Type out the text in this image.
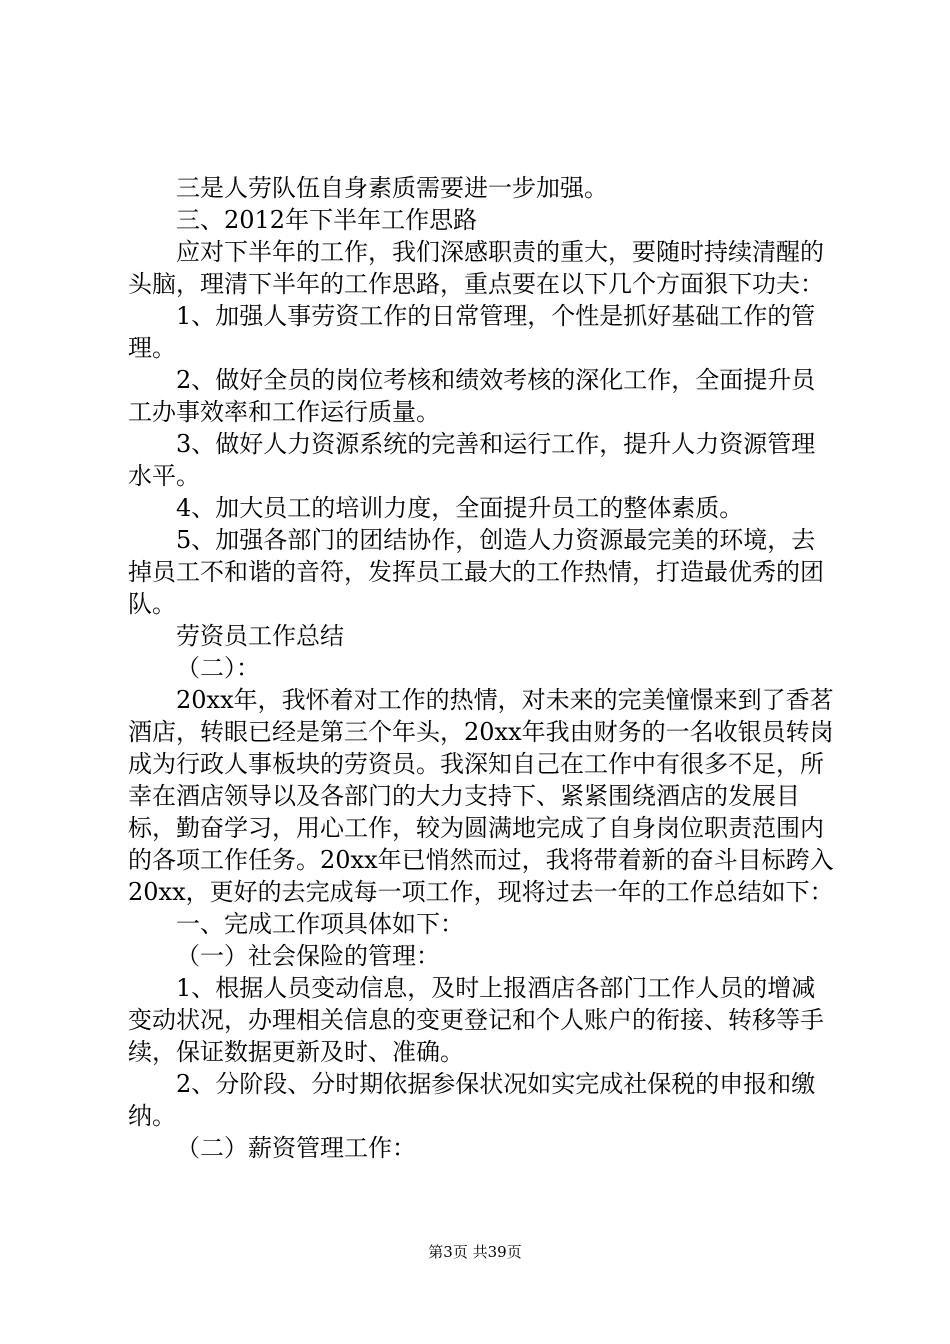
三是人劳队伍自身素质需要进一步加强。

三、2012年下半年工作思路

应对下半年的工作，我们深感职责的重大，要随时持续清醒的头脑，理清下半年的工作思路，重点要在以下几个方面狠下功夫：

1、加强人事劳资工作的日常管理，个性是抓好基础工作的管理。

2、做好全员的岗位考核和绩效考核的深化工作，全面提升员工办事效率和工作运行质量。

3、做好人力资源系统的完善和运行工作，提升人力资源管理水平。

4、加大员工的培训力度，全面提升员工的整体素质。

5、加强各部门的团结协作，创造人力资源最完美的环境，去掉员工不和谐的音符，发挥员工最大的工作热情，打造最优秀的团队。

劳资员工作总结

（二）：

20xx年，我怀着对工作的热情，对未来的完美憧憬来到了香茗酒店，转眼已经是第三个年头，20xx年我由财务的一名收银员转岗成为行政人事板块的劳资员。我深知自己在工作中有很多不足，所幸在酒店领导以及各部门的大力支持下、紧紧围绕酒店的发展目标，勤奋学习，用心工作，较为圆满地完成了自身岗位职责范围内的各项工作任务。20xx年已悄然而过，我将带着新的奋斗目标跨入20xx，更好的去完成每一项工作，现将过去一年的工作总结如下：

一、完成工作项具体如下：

（一）社会保险的管理：

1、根据人员变动信息，及时上报酒店各部门工作人员的增减变动状况，办理相关信息的变更登记和个人账户的衔接、转移等手续，保证数据更新及时、准确。

2、分阶段、分时期依据参保状况如实完成社保税的申报和缴纳。

（二）薪资管理工作：

第3页 共39页
